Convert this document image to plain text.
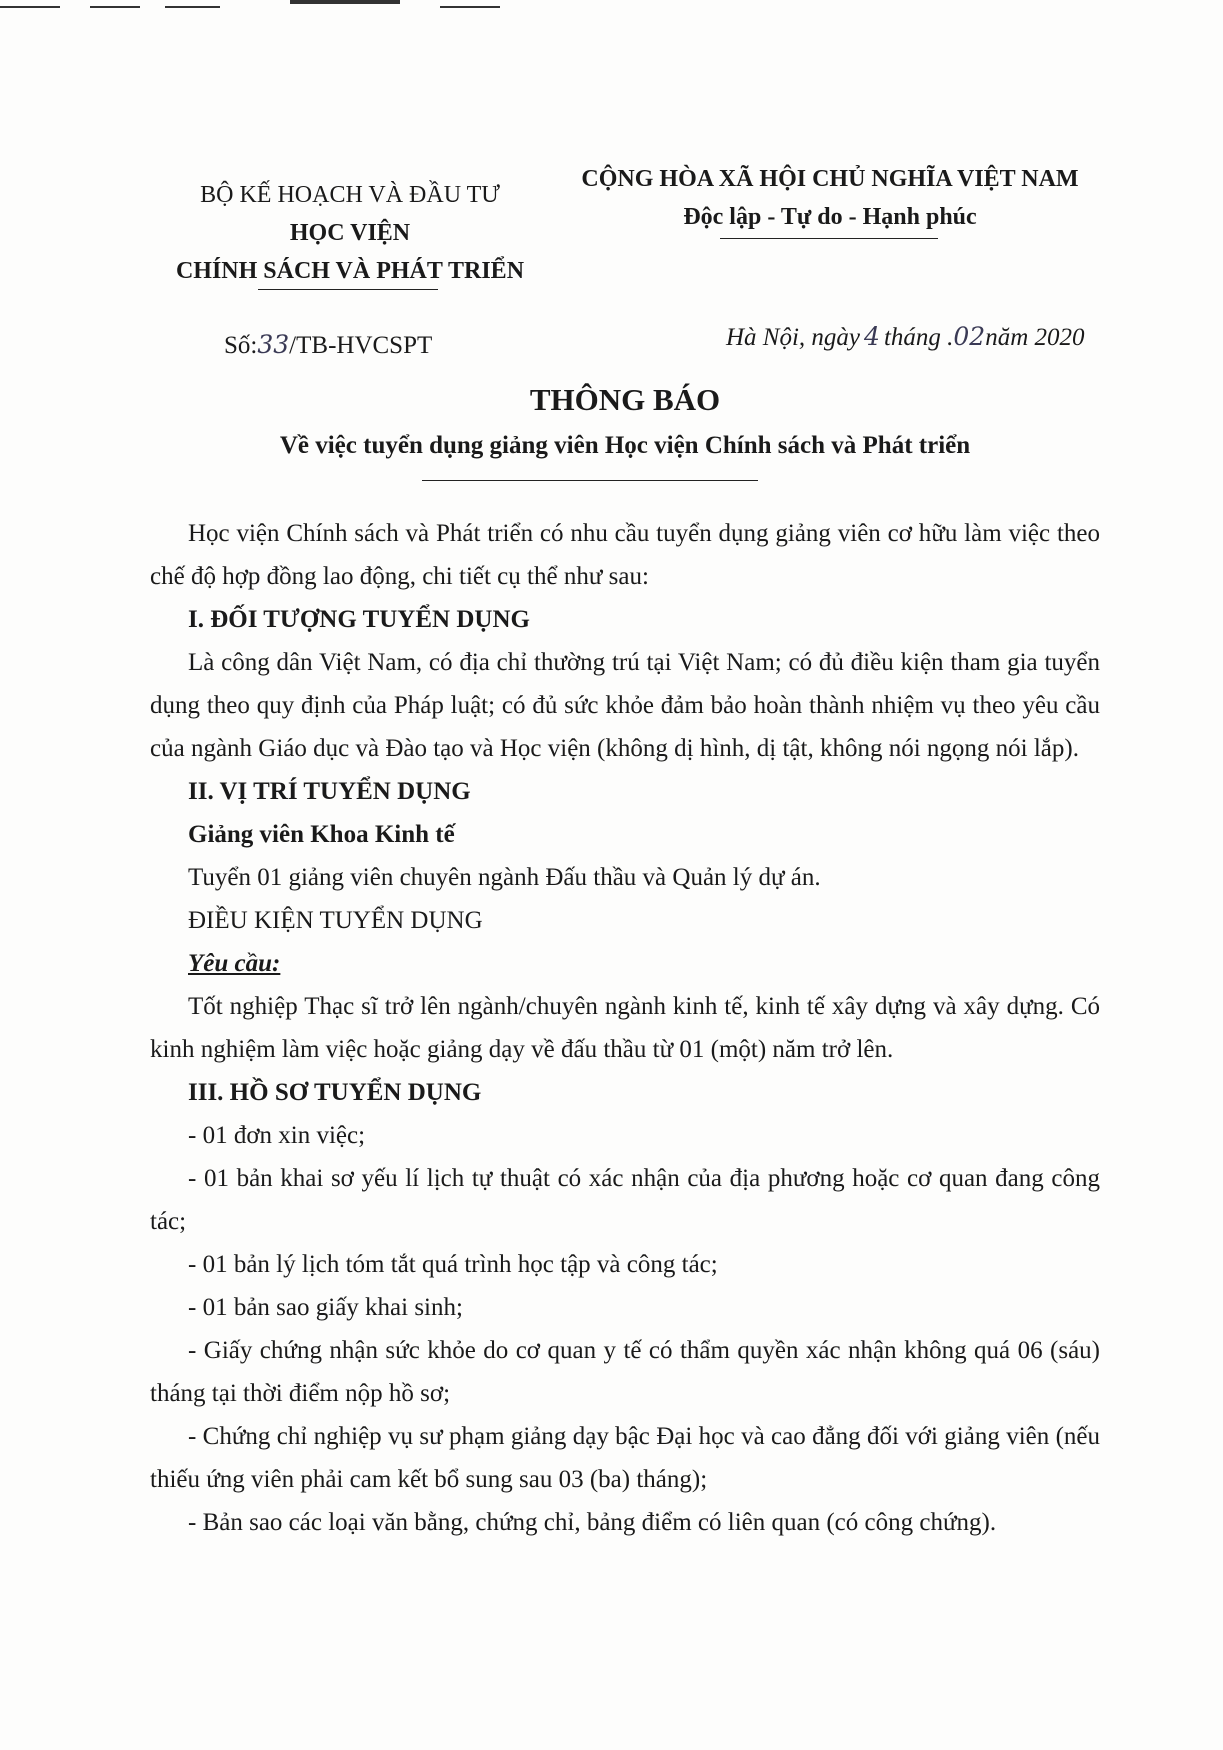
BỘ KẾ HOẠCH VÀ ĐẦU TƯ
HỌC VIỆN
CHÍNH SÁCH VÀ PHÁT TRIỂN
CỘNG HÒA XÃ HỘI CHỦ NGHĨA VIỆT NAM
Độc lập - Tự do - Hạnh phúc
Số:33/TB-HVCSPT	Hà Nội, ngày 4 tháng .02năm 2020
THÔNG BÁO
Về việc tuyển dụng giảng viên Học viện Chính sách và Phát triển

Học viện Chính sách và Phát triển có nhu cầu tuyển dụng giảng viên cơ hữu làm việc theo chế độ hợp đồng lao động, chi tiết cụ thể như sau:

I. ĐỐI TƯỢNG TUYỂN DỤNG

Là công dân Việt Nam, có địa chỉ thường trú tại Việt Nam; có đủ điều kiện tham gia tuyển dụng theo quy định của Pháp luật; có đủ sức khỏe đảm bảo hoàn thành nhiệm vụ theo yêu cầu của ngành Giáo dục và Đào tạo và Học viện (không dị hình, dị tật, không nói ngọng nói lắp).

II. VỊ TRÍ TUYỂN DỤNG

Giảng viên Khoa Kinh tế

Tuyển 01 giảng viên chuyên ngành Đấu thầu và Quản lý dự án.

ĐIỀU KIỆN TUYỂN DỤNG

Yêu cầu:

Tốt nghiệp Thạc sĩ trở lên ngành/chuyên ngành kinh tế, kinh tế xây dựng và xây dựng. Có kinh nghiệm làm việc hoặc giảng dạy về đấu thầu từ 01 (một) năm trở lên.

III. HỒ SƠ TUYỂN DỤNG

- 01 đơn xin việc;

- 01 bản khai sơ yếu lí lịch tự thuật có xác nhận của địa phương hoặc cơ quan đang công tác;

- 01 bản lý lịch tóm tắt quá trình học tập và công tác;

- 01 bản sao giấy khai sinh;

- Giấy chứng nhận sức khỏe do cơ quan y tế có thẩm quyền xác nhận không quá 06 (sáu) tháng tại thời điểm nộp hồ sơ;

- Chứng chỉ nghiệp vụ sư phạm giảng dạy bậc Đại học và cao đẳng đối với giảng viên (nếu thiếu ứng viên phải cam kết bổ sung sau 03 (ba) tháng);

- Bản sao các loại văn bằng, chứng chỉ, bảng điểm có liên quan (có công chứng).
